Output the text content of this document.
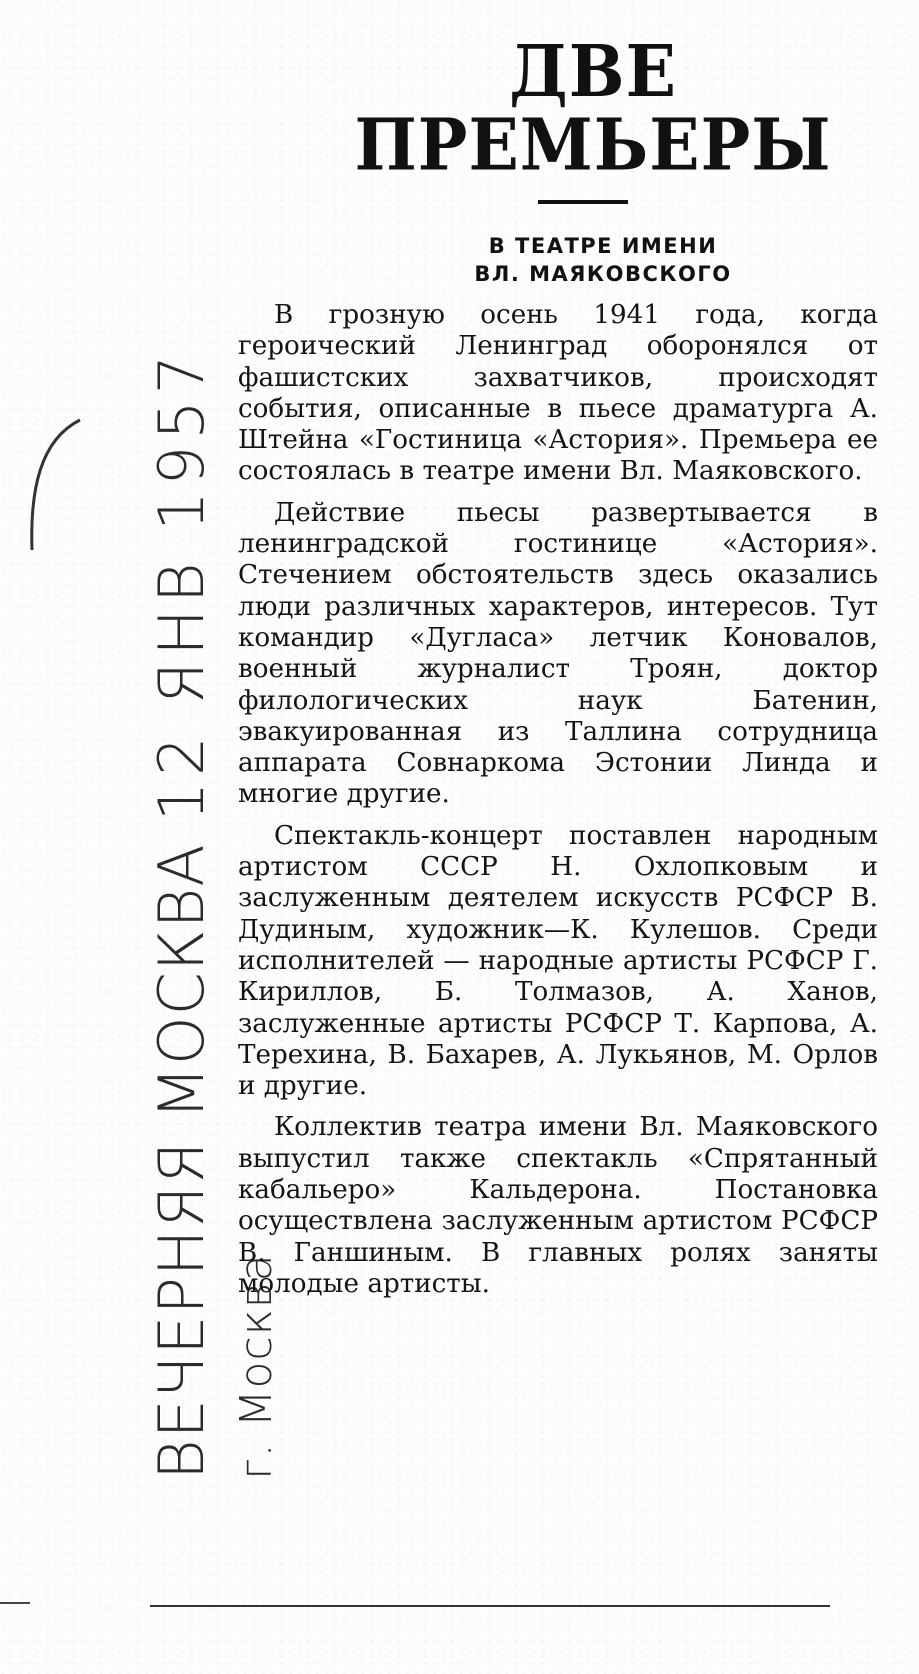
ВЕЧЕРНЯЯ МОСКВА12 ЯНВ 1957
г. Москва
ДВЕ
ПРЕМЬЕРЫ
В ТЕАТРЕ ИМЕНИ
ВЛ. МАЯКОВСКОГО

В грозную осень 1941 года, когда героический Ленинград оборонялся от фашистских захватчиков, происходят события, описанные в пьесе драматурга А. Штейна «Гостиница «Астория». Премьера ее состоялась в театре имени Вл. Маяковского.

Действие пьесы развертывается в ленинградской гостинице «Астория». Стечением обстоятельств здесь оказались люди различных характеров, интересов. Тут командир «Дугласа» летчик Коновалов, военный журналист Троян, доктор филологических наук Батенин, эвакуированная из Таллина сотрудница аппарата Совнаркома Эстонии Линда и многие другие.

Спектакль-концерт поставлен народным артистом СССР Н. Охлопковым и заслуженным деятелем искусств РСФСР В. Дудиным, художник—К. Кулешов. Среди исполнителей — народные артисты РСФСР Г. Кириллов, Б. Толмазов, А. Ханов, заслуженные артисты РСФСР Т. Карпова, А. Терехина, В. Бахарев, А. Лукьянов, М. Орлов и другие.

Коллектив театра имени Вл. Маяковского выпустил также спектакль «Спрятанный кабальеро» Кальдерона. Постановка осуществлена заслуженным артистом РСФСР В. Ганшиным. В главных ролях заняты молодые артисты.
